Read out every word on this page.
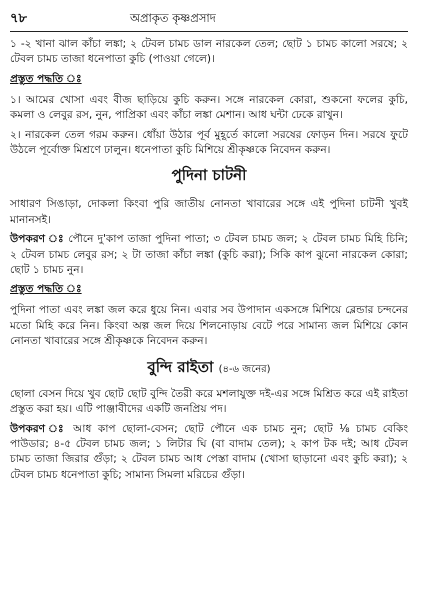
৭৮	অপ্রাকৃত কৃষ্ণপ্রসাদ

১ -২ খানা ঝাল কাঁচা লঙ্কা; ২ টেবল চামচ ডাল নারকেল তেল; ছোট ১ চামচ কালো সরষে; ২ টেবল চামচ তাজা ধনেপাতা কুচি (পাওয়া গেলে)।

প্রস্তুত পদ্ধতি ঃ

১। আমের খোসা এবং বীজ ছাড়িয়ে কুচি করুন। সঙ্গে নারকেল কোরা, শুকনো ফলের কুচি, কমলা ও লেবুর রস, নুন, পাপ্রিকা এবং কাঁচা লঙ্কা মেশান। আধ ঘন্টা ঢেকে রাখুন।

২। নারকেল তেল গরম করুন। ধোঁয়া উঠার পূর্ব মুহূর্তে কালো সরষের ফোড়ন দিন। সরষে ফুটে উঠলে পূর্বোক্ত মিশ্রণে ঢালুন। ধনেপাতা কুচি মিশিয়ে শ্রীকৃষ্ণকে নিবেদন করুন।

পুদিনা চাটনী

সাধারণ সিঙাড়া, দোকলা কিংবা পুরি জাতীয় নোনতা খাবারের সঙ্গে এই পুদিনা চাটনী খুবই মানানসই।

উপকরণ ঃ পৌনে দু'কাপ তাজা পুদিনা পাতা; ৩ টেবল চামচ জল; ২ টেবল চামচ মিহি চিনি; ২ টেবল চামচ লেবুর রস; ২ টা তাজা কাঁচা লঙ্কা (কুচি করা); সিকি কাপ ঝুনো নারকেল কোরা; ছোট ১ চামচ নুন।

প্রস্তুত পদ্ধতি ঃ

পুদিনা পাতা এবং লঙ্কা জল করে ধুয়ে নিন। এবার সব উপাদান একসঙ্গে মিশিয়ে ব্লেন্ডার চন্দনের মতো মিহি করে নিন। কিংবা অল্প জল দিয়ে শিলনোড়ায় বেটে পরে সামান্য জল মিশিয়ে কোন নোনতা খাবারের সঙ্গে শ্রীকৃষ্ণকে নিবেদন করুন।

বুন্দি রাইতা (৪-৬ জনের)

ছোলা বেসন দিয়ে খুব ছোট ছোট বুন্দি তৈরী করে মশলাযুক্ত দই-এর সঙ্গে মিশ্রিত করে এই রাইতা প্রস্তুত করা হয়। এটি পাঞ্জাবীদের একটি জনপ্রিয় পদ।

উপকরণ ঃ আধ কাপ ছোলা-বেসন; ছোট পৌনে এক চামচ নুন; ছোট ⅛ চামচ বেকিং পাউডার; ৪-৫ টেবল চামচ জল; ১ লিটার ঘি (বা বাদাম তেল); ২ কাপ টক দই; আধ টেবল চামচ তাজা জিরার গুঁড়া; ২ টেবল চামচ আধ পেস্তা বাদাম (খোসা ছাড়ানো এবং কুচি করা); ২ টেবল চামচ ধনেপাতা কুচি; সামান্য সিমলা মরিচের গুঁড়া।
